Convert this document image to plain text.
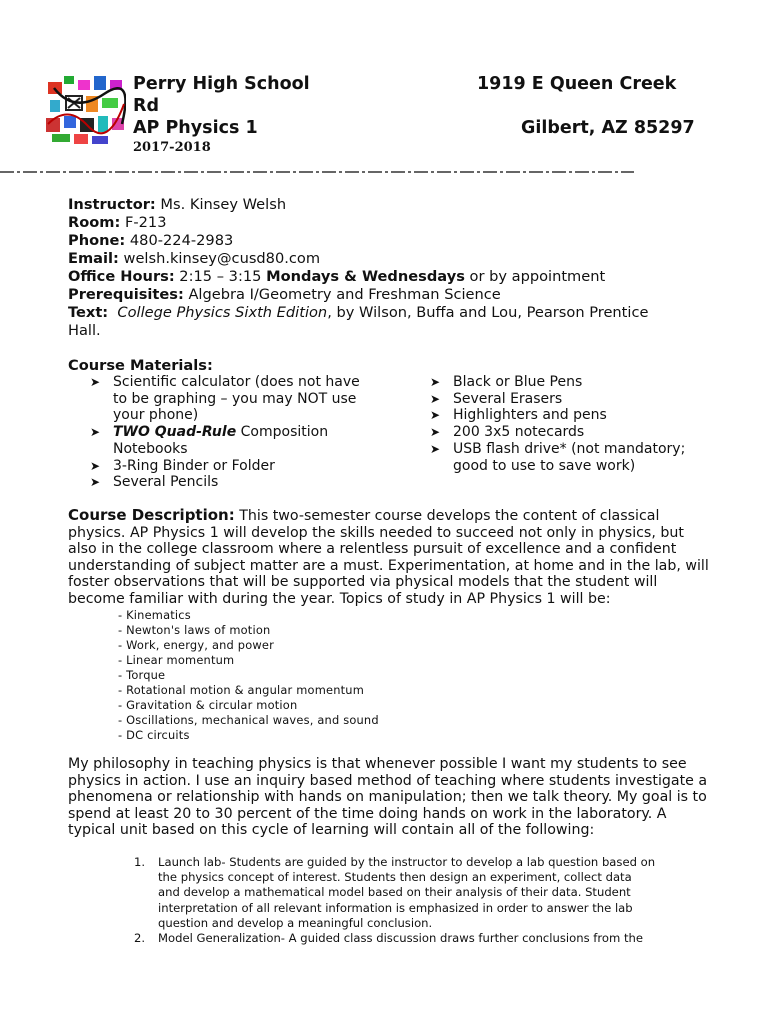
Perry High School
Rd
AP Physics 1
2017-2018
1919 E Queen Creek
Gilbert, AZ 85297
Instructor: Ms. Kinsey Welsh
Room: F-213
Phone: 480-224-2983
Email: welsh.kinsey@cusd80.com
Office Hours: 2:15 – 3:15 Mondays & Wednesdays or by appointment
Prerequisites: Algebra I/Geometry and Freshman Science
Text: College Physics Sixth Edition, by Wilson, Buffa and Lou, Pearson Prentice
Hall.
Course Materials:
➤ Scientific calculator (does not have
to be graphing – you may NOT use
your phone)
➤ TWO Quad-Rule Composition
Notebooks
➤ 3-Ring Binder or Folder
➤ Several Pencils
➤ Black or Blue Pens
➤ Several Erasers
➤ Highlighters and pens
➤ 200 3x5 notecards
➤ USB flash drive* (not mandatory;
good to use to save work)
Course Description: This two-semester course develops the content of classical
physics. AP Physics 1 will develop the skills needed to succeed not only in physics, but
also in the college classroom where a relentless pursuit of excellence and a confident
understanding of subject matter are a must. Experimentation, at home and in the lab, will
foster observations that will be supported via physical models that the student will
become familiar with during the year. Topics of study in AP Physics 1 will be:
- Kinematics
- Newton's laws of motion
- Work, energy, and power
- Linear momentum
- Torque
- Rotational motion & angular momentum
- Gravitation & circular motion
- Oscillations, mechanical waves, and sound
- DC circuits
My philosophy in teaching physics is that whenever possible I want my students to see
physics in action. I use an inquiry based method of teaching where students investigate a
phenomena or relationship with hands on manipulation; then we talk theory. My goal is to
spend at least 20 to 30 percent of the time doing hands on work in the laboratory. A
typical unit based on this cycle of learning will contain all of the following:
1. Launch lab- Students are guided by the instructor to develop a lab question based on
the physics concept of interest. Students then design an experiment, collect data
and develop a mathematical model based on their analysis of their data. Student
interpretation of all relevant information is emphasized in order to answer the lab
question and develop a meaningful conclusion.
2. Model Generalization- A guided class discussion draws further conclusions from the
